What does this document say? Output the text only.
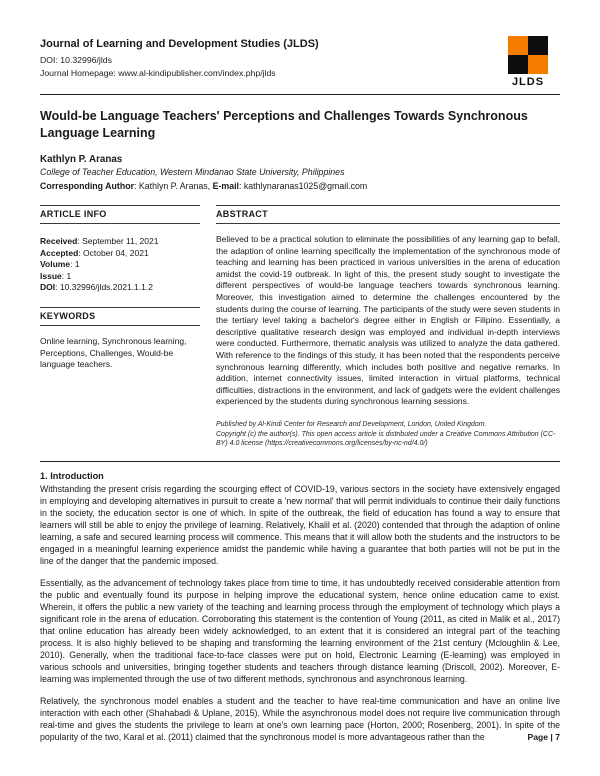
Journal of Learning and Development Studies (JLDS)
DOI: 10.32996/jlds
Journal Homepage: www.al-kindipublisher.com/index.php/jlds
JLDS
Would-be Language Teachers' Perceptions and Challenges Towards Synchronous Language Learning
Kathlyn P. Aranas
College of Teacher Education, Western Mindanao State University, Philippines
Corresponding Author: Kathlyn P. Aranas, E-mail: kathlynaranas1025@gmail.com
ARTICLE INFO
Received: September 11, 2021
Accepted: October 04, 2021
Volume: 1
Issue: 1
DOI: 10.32996/jlds.2021.1.1.2
KEYWORDS
Online learning, Synchronous learning, Perceptions, Challenges, Would-be language teachers.
ABSTRACT
Believed to be a practical solution to eliminate the possibilities of any learning gap to befall, the adaption of online learning specifically the implementation of the synchronous mode of teaching and learning has been practiced in various universities in the arena of education amidst the covid-19 outbreak. In light of this, the present study sought to investigate the different perspectives of would-be language teachers towards synchronous learning. Moreover, this investigation aimed to determine the challenges encountered by the students during the course of learning. The participants of the study were seven students in the tertiary level taking a bachelor's degree either in English or Filipino. Essentially, a descriptive qualitative research design was employed and individual in-depth interviews were conducted. Furthermore, thematic analysis was utilized to analyze the data gathered. With reference to the findings of this study, it has been noted that the respondents perceive synchronous learning differently, which includes both positive and negative remarks. In addition, internet connectivity issues, limited interaction in virtual platforms, technical difficulties, distractions in the environment, and lack of gadgets were the evident challenges experienced by the students during synchronous learning sessions.
Published by Al-Kindi Center for Research and Development, London, United Kingdom.
Copyright (c) the author(s). This open access article is distributed under a Creative Commons Attribution (CC-BY) 4.0 license (https://creativecommons.org/licenses/by-nc-nd/4.0/)
1. Introduction
Withstanding the present crisis regarding the scourging effect of COVID-19, various sectors in the society have extensively engaged in employing and developing alternatives in pursuit to create a 'new normal' that will permit individuals to continue their daily functions in the society, the education sector is one of which. In spite of the outbreak, the field of education has found a way to ensure that learners will still be able to enjoy the privilege of learning. Relatively, Khalil et al. (2020) contended that through the adaption of online learning, a safe and secured learning process will commence. This means that it will allow both the students and the instructors to be engaged in a meaningful learning experience amidst the pandemic while having a guarantee that both parties will not be put in the line of the danger that the pandemic imposed.
Essentially, as the advancement of technology takes place from time to time, it has undoubtedly received considerable attention from the public and eventually found its purpose in helping improve the educational system, hence online education came to exist. Wherein, it offers the public a new variety of the teaching and learning process through the employment of technology which plays a significant role in the arena of education. Corroborating this statement is the contention of Young (2011, as cited in Malik et al., 2017) that online education has already been widely acknowledged, to an extent that it is considered an integral part of the teaching process. It is also highly believed to be shaping and transforming the learning environment of the 21st century (Mcloughlin & Lee, 2010). Generally, when the traditional face-to-face classes were put on hold, Electronic Learning (E-learning) was employed in various schools and universities, bringing together students and teachers through distance learning (Driscoll, 2002). Moreover, E-learning was implemented through the use of two different methods, synchronous and asynchronous learning.
Relatively, the synchronous model enables a student and the teacher to have real-time communication and have an online live interaction with each other (Shahabadi & Uplane, 2015). While the asynchronous model does not require live communication through real-time and gives the students the privilege to learn at one's own learning pace (Horton, 2000; Rosenberg, 2001). In spite of the popularity of the two, Karal et al. (2011) claimed that the synchronous model is more advantageous rather than the	Page | 7
